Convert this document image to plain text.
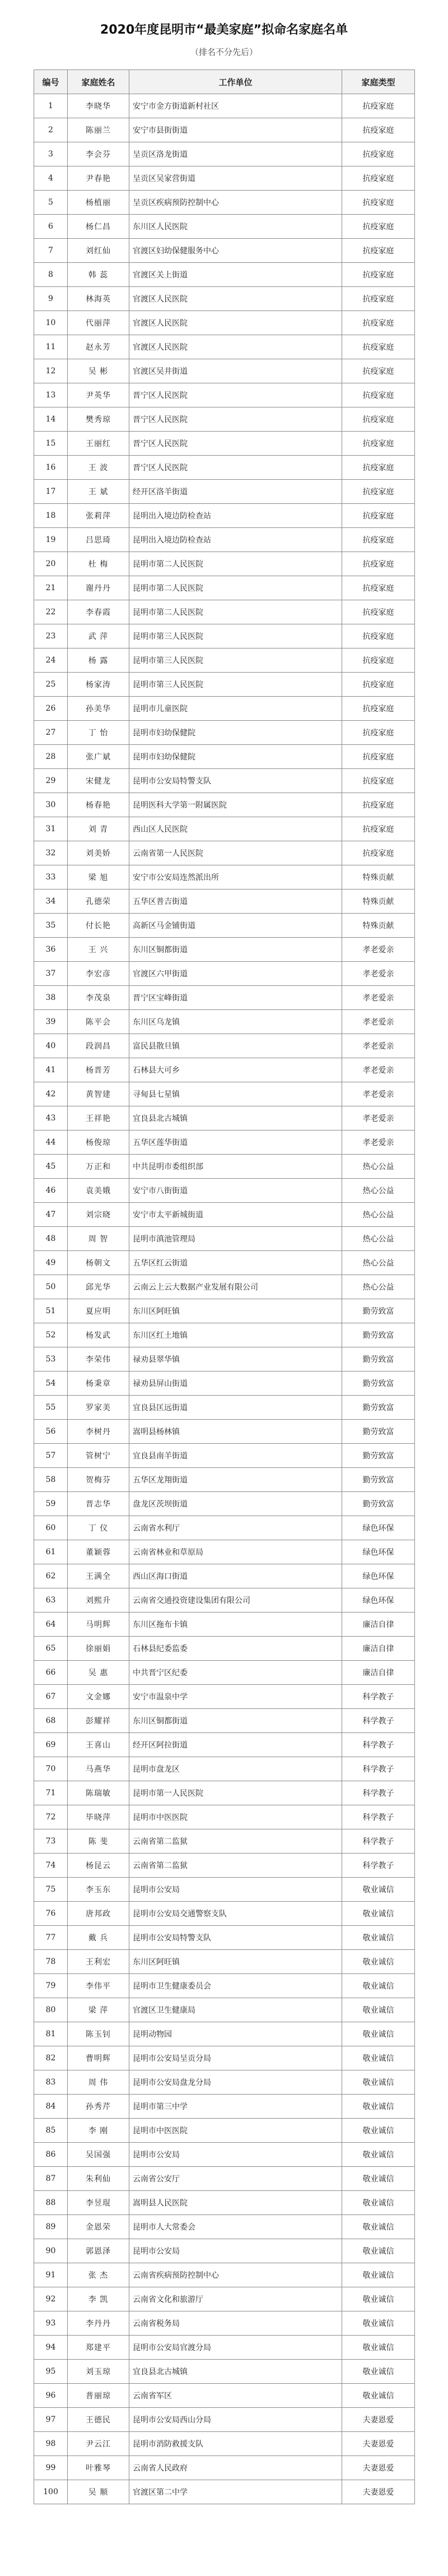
2020年度昆明市“最美家庭”拟命名家庭名单
（排名不分先后）
编号	家庭姓名	工作单位	家庭类型
1	李晓华	安宁市金方街道新村社区	抗疫家庭
2	陈丽兰	安宁市县街街道	抗疫家庭
3	李会芬	呈贡区洛龙街道	抗疫家庭
4	尹春艳	呈贡区吴家营街道	抗疫家庭
5	杨植丽	呈贡区疾病预防控制中心	抗疫家庭
6	杨仁昌	东川区人民医院	抗疫家庭
7	刘红仙	官渡区妇幼保健服务中心	抗疫家庭
8	韩 蕊	官渡区关上街道	抗疫家庭
9	林海英	官渡区人民医院	抗疫家庭
10	代丽萍	官渡区人民医院	抗疫家庭
11	赵永芳	官渡区人民医院	抗疫家庭
12	吴 彬	官渡区吴井街道	抗疫家庭
13	尹英华	晋宁区人民医院	抗疫家庭
14	樊秀琼	晋宁区人民医院	抗疫家庭
15	王丽红	晋宁区人民医院	抗疫家庭
16	王 波	晋宁区人民医院	抗疫家庭
17	王 斌	经开区洛羊街道	抗疫家庭
18	张莉萍	昆明出入境边防检查站	抗疫家庭
19	吕思琦	昆明出入境边防检查站	抗疫家庭
20	杜 梅	昆明市第二人民医院	抗疫家庭
21	谢丹丹	昆明市第二人民医院	抗疫家庭
22	李春霞	昆明市第二人民医院	抗疫家庭
23	武 萍	昆明市第三人民医院	抗疫家庭
24	杨 露	昆明市第三人民医院	抗疫家庭
25	杨家涛	昆明市第三人民医院	抗疫家庭
26	孙美华	昆明市儿童医院	抗疫家庭
27	丁 怡	昆明市妇幼保健院	抗疫家庭
28	张广斌	昆明市妇幼保健院	抗疫家庭
29	宋健龙	昆明市公安局特警支队	抗疫家庭
30	杨春艳	昆明医科大学第一附属医院	抗疫家庭
31	刘 青	西山区人民医院	抗疫家庭
32	刘美娇	云南省第一人民医院	抗疫家庭
33	梁 旭	安宁市公安局连然派出所	特殊贡献
34	孔德荣	五华区普吉街道	特殊贡献
35	付长艳	高新区马金铺街道	特殊贡献
36	王 兴	东川区铜都街道	孝老爱亲
37	李宏彦	官渡区六甲街道	孝老爱亲
38	李茂泉	晋宁区宝峰街道	孝老爱亲
39	陈平会	东川区乌龙镇	孝老爱亲
40	段润昌	富民县散旦镇	孝老爱亲
41	杨晋芳	石林县大可乡	孝老爱亲
42	黄智建	寻甸县七星镇	孝老爱亲
43	王祥艳	宜良县北古城镇	孝老爱亲
44	杨俊琼	五华区莲华街道	孝老爱亲
45	万正和	中共昆明市委组织部	热心公益
46	袁美娥	安宁市八街街道	热心公益
47	刘宗晓	安宁市太平新城街道	热心公益
48	周 智	昆明市滇池管理局	热心公益
49	杨朝文	五华区红云街道	热心公益
50	邱光华	云南云上云大数据产业发展有限公司	热心公益
51	夏应明	东川区阿旺镇	勤劳致富
52	杨发武	东川区红土地镇	勤劳致富
53	李荣伟	禄劝县翠华镇	勤劳致富
54	杨秉章	禄劝县屏山街道	勤劳致富
55	罗家美	宜良县匡远街道	勤劳致富
56	李树丹	嵩明县杨林镇	勤劳致富
57	管树宁	宜良县南羊街道	勤劳致富
58	贺梅芬	五华区龙翔街道	勤劳致富
59	晋志华	盘龙区茨坝街道	勤劳致富
60	丁 仪	云南省水利厅	绿色环保
61	董颖蓉	云南省林业和草原局	绿色环保
62	王满全	西山区海口街道	绿色环保
63	刘熙升	云南省交通投资建设集团有限公司	绿色环保
64	马明辉	东川区拖布卡镇	廉洁自律
65	徐丽娟	石林县纪委监委	廉洁自律
66	吴 惠	中共晋宁区纪委	廉洁自律
67	文金娜	安宁市温泉中学	科学教子
68	彭耀祥	东川区铜都街道	科学教子
69	王喜山	经开区阿拉街道	科学教子
70	马燕华	昆明市盘龙区	科学教子
71	陈瑞敏	昆明市第一人民医院	科学教子
72	毕晓萍	昆明市中医医院	科学教子
73	陈 斐	云南省第二监狱	科学教子
74	杨昆云	云南省第二监狱	科学教子
75	李玉东	昆明市公安局	敬业诚信
76	唐邦政	昆明市公安局交通警察支队	敬业诚信
77	戴 兵	昆明市公安局特警支队	敬业诚信
78	王利宏	东川区阿旺镇	敬业诚信
79	李伟平	昆明市卫生健康委员会	敬业诚信
80	梁 萍	官渡区卫生健康局	敬业诚信
81	陈玉钊	昆明动物园	敬业诚信
82	曹明辉	昆明市公安局呈贡分局	敬业诚信
83	周 伟	昆明市公安局盘龙分局	敬业诚信
84	孙秀芹	昆明市第三中学	敬业诚信
85	李 刚	昆明市中医医院	敬业诚信
86	吴国强	昆明市公安局	敬业诚信
87	朱利仙	云南省公安厅	敬业诚信
88	李昱琨	嵩明县人民医院	敬业诚信
89	金恩荣	昆明市人大常委会	敬业诚信
90	郭恩泽	昆明市公安局	敬业诚信
91	张 杰	云南省疾病预防控制中心	敬业诚信
92	李 凯	云南省文化和旅游厅	敬业诚信
93	李丹丹	云南省税务局	敬业诚信
94	郑建平	昆明市公安局官渡分局	敬业诚信
95	刘玉琼	宜良县北古城镇	敬业诚信
96	普丽琼	云南省军区	敬业诚信
97	王德民	昆明市公安局西山分局	夫妻恩爱
98	尹云江	昆明市消防救援支队	夫妻恩爱
99	叶雅琴	云南省人民政府	夫妻恩爱
100	吴 顺	官渡区第二中学	夫妻恩爱
